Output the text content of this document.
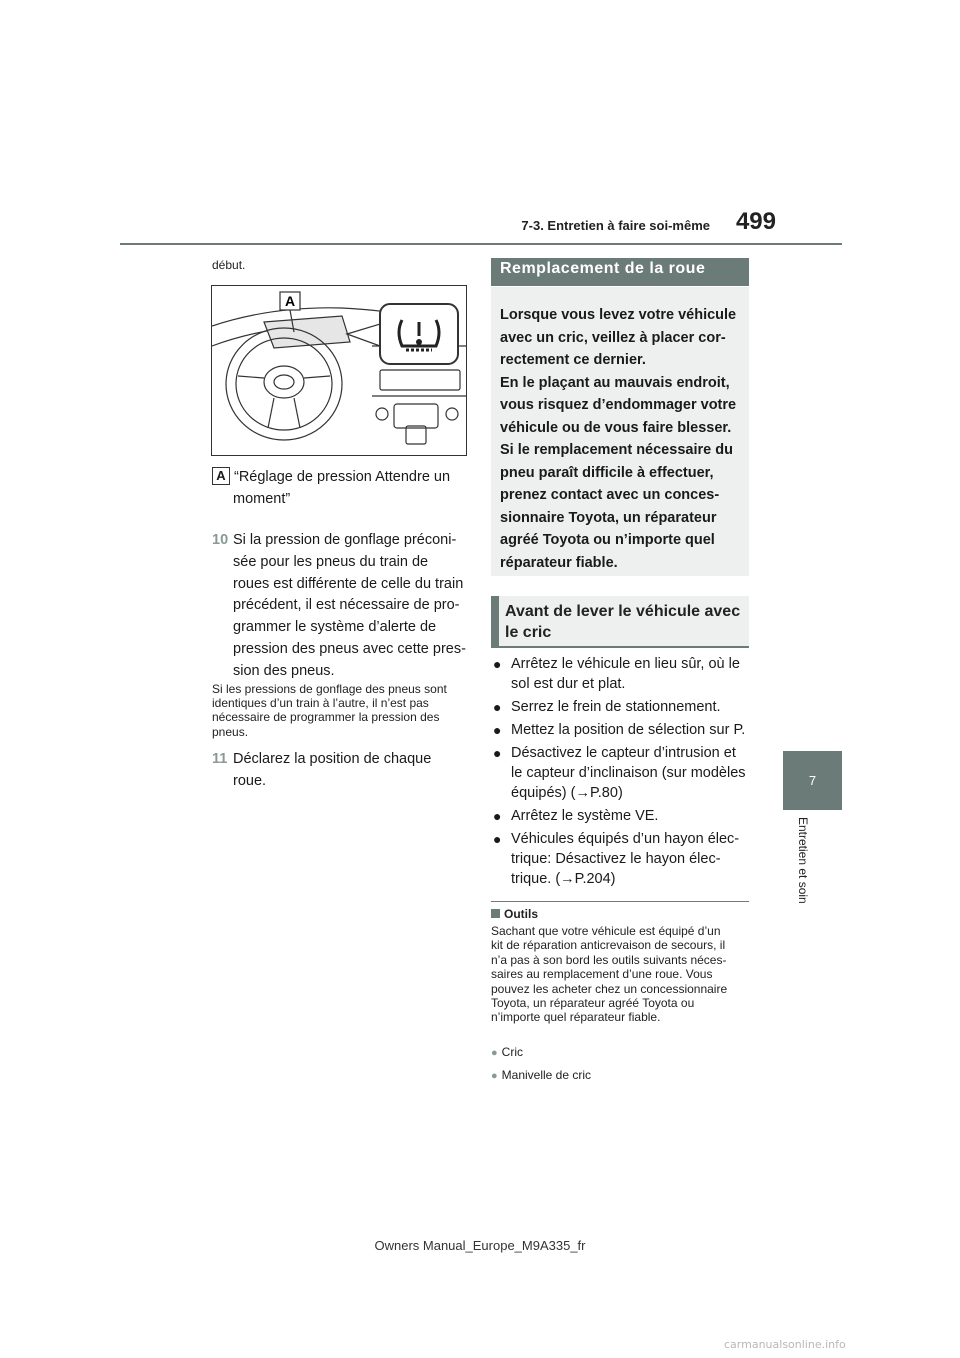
7-3. Entretien à faire soi-même	499
7
Entretien et soin
début.
A
A “Réglage de pression Attendre un
moment”
10 Si la pression de gonflage préconi-
sée pour les pneus du train de
roues est différente de celle du train
précédent, il est nécessaire de pro-
grammer le système d’alerte de
pression des pneus avec cette pres-
sion des pneus.
Si les pressions de gonflage des pneus sont
identiques d’un train à l’autre, il n’est pas
nécessaire de programmer la pression des
pneus.
11 Déclarez la position de chaque
roue.
Remplacement de la roue
Lorsque vous levez votre véhicule
avec un cric, veillez à placer cor-
rectement ce dernier.
En le plaçant au mauvais endroit,
vous risquez d’endommager votre
véhicule ou de vous faire blesser.
Si le remplacement nécessaire du
pneu paraît difficile à effectuer,
prenez contact avec un conces-
sionnaire Toyota, un réparateur
agréé Toyota ou n’importe quel
réparateur fiable.
Avant de lever le véhicule avec
le cric
● Arrêtez le véhicule en lieu sûr, où le
sol est dur et plat.
● Serrez le frein de stationnement.
● Mettez la position de sélection sur P.
● Désactivez le capteur d’intrusion et
le capteur d’inclinaison (sur modèles
équipés) (→P.80)
● Arrêtez le système VE.
● Véhicules équipés d’un hayon élec-
trique: Désactivez le hayon élec-
trique. (→P.204)
Outils
Sachant que votre véhicule est équipé d’un
kit de réparation anticrevaison de secours, il
n’a pas à son bord les outils suivants néces-
saires au remplacement d’une roue. Vous
pouvez les acheter chez un concessionnaire
Toyota, un réparateur agréé Toyota ou
n’importe quel réparateur fiable.
● Cric
● Manivelle de cric
Owners Manual_Europe_M9A335_fr
carmanualsonline.info
